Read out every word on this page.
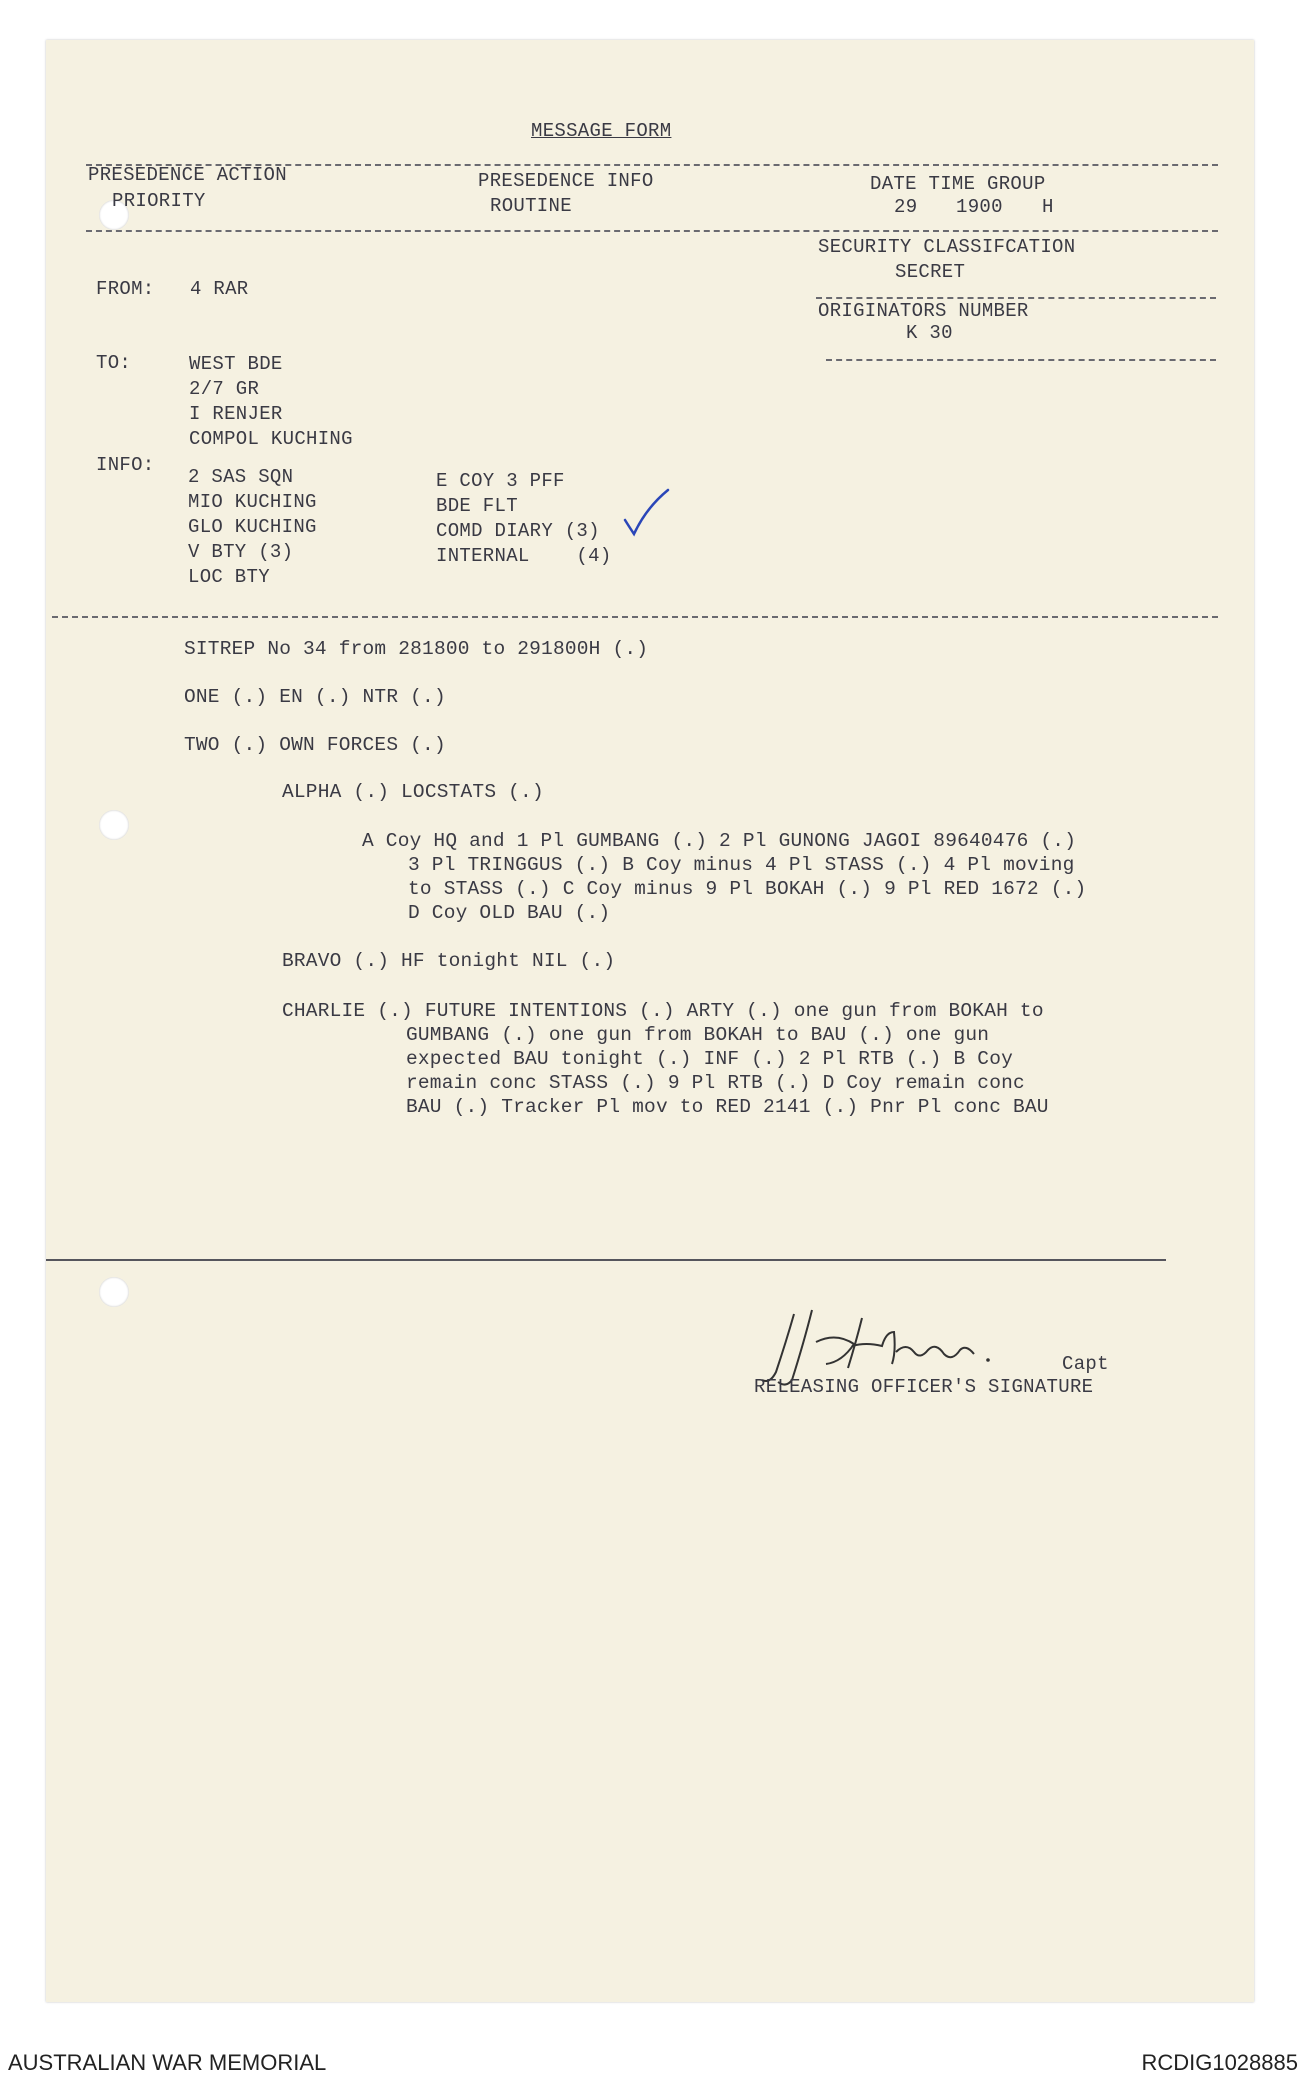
MESSAGE FORM
PRESEDENCE ACTION
PRIORITY
PRESEDENCE INFO
ROUTINE
DATE TIME GROUP
29 1900 H
SECURITY CLASSIFCATION
SECRET
ORIGINATORS NUMBER
K 30
FROM: 4 RAR
TO:	WEST BDE
2/7 GR
I RENJER
COMPOL KUCHING
INFO:
2 SAS SQN
MIO KUCHING
GLO KUCHING
V BTY (3)
LOC BTY
E COY 3 PFF
BDE FLT
COMD DIARY (3)
INTERNAL    (4)
SITREP No 34 from 281800 to 291800H (.)
ONE (.) EN (.) NTR (.)
TWO (.) OWN FORCES (.)
ALPHA (.) LOCSTATS (.)
A Coy HQ and 1 Pl GUMBANG (.) 2 Pl GUNONG JAGOI 89640476 (.)
3 Pl TRINGGUS (.) B Coy minus 4 Pl STASS (.) 4 Pl moving
to STASS (.) C Coy minus 9 Pl BOKAH (.) 9 Pl RED 1672 (.)
D Coy OLD BAU (.)
BRAVO (.) HF tonight NIL (.)
CHARLIE (.) FUTURE INTENTIONS (.) ARTY (.) one gun from BOKAH to
GUMBANG (.) one gun from BOKAH to BAU (.) one gun
expected BAU tonight (.) INF (.) 2 Pl RTB (.) B Coy
remain conc STASS (.) 9 Pl RTB (.) D Coy remain conc
BAU (.) Tracker Pl mov to RED 2141 (.) Pnr Pl conc BAU
Capt
RELEASING OFFICER'S SIGNATURE
AUSTRALIAN WAR MEMORIAL	RCDIG1028885
